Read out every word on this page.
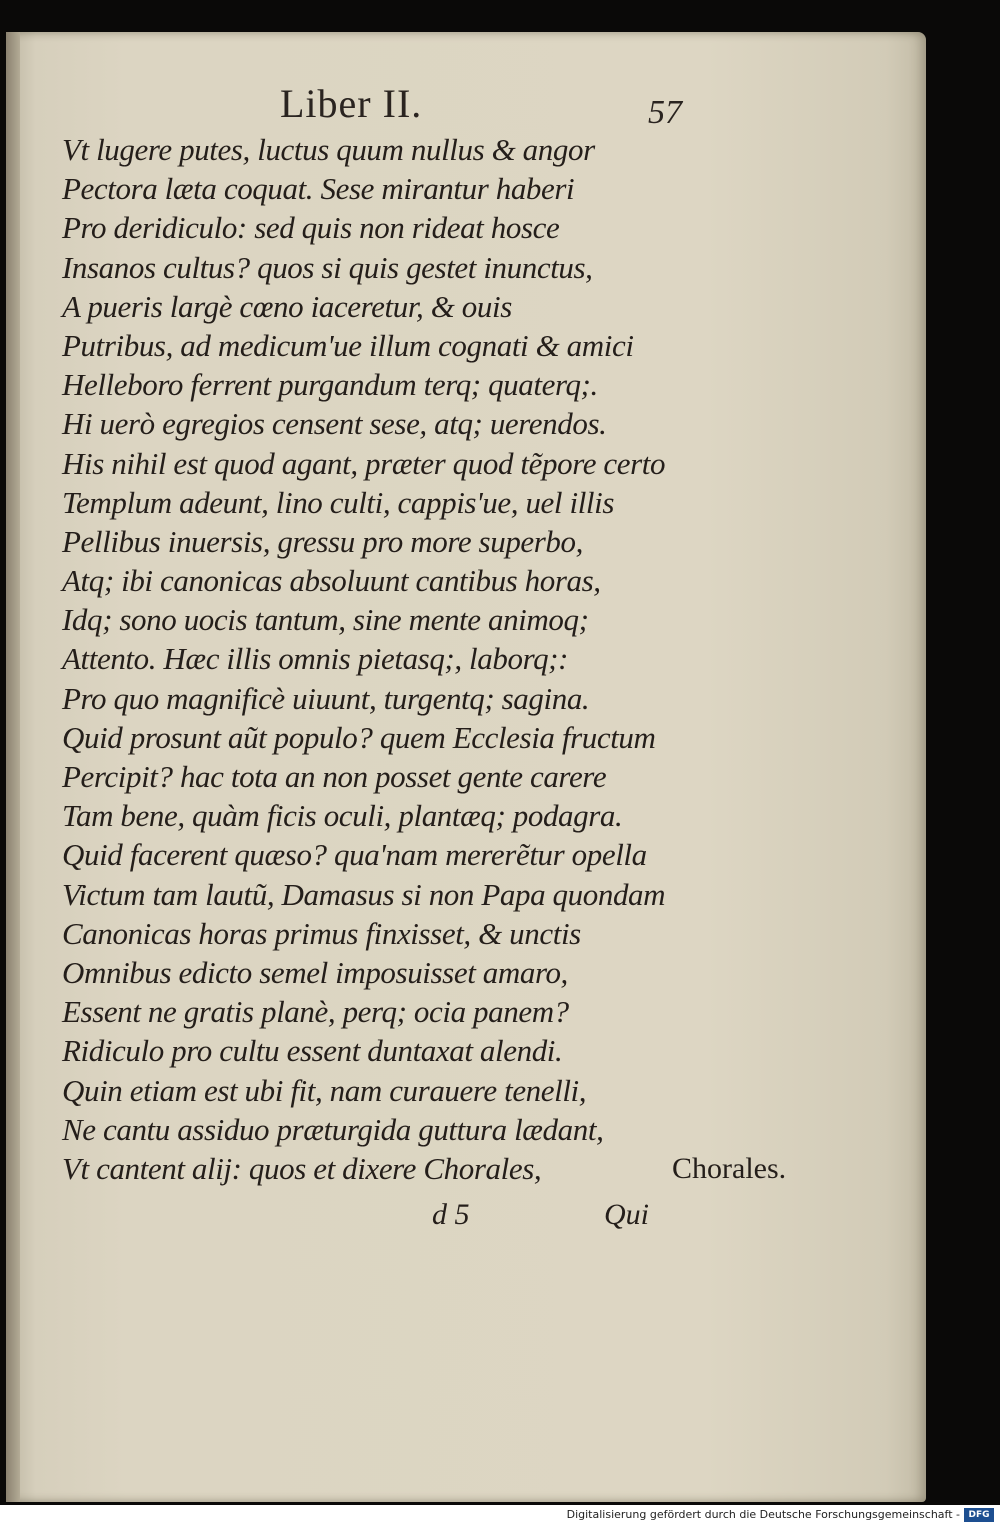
Liber II.	57
Vt lugere putes, luctus quum nullus & angor
Pectora læta coquat. Sese mirantur haberi
Pro deridiculo: sed quis non rideat hosce
Insanos cultus? quos si quis gestet inunctus,
A pueris largè cœno iaceretur, & ouis
Putribus, ad medicum'ue illum cognati & amici
Helleboro ferrent purgandum terq; quaterq;.
Hi uerò egregios censent sese, atq; uerendos.
His nihil est quod agant, præter quod tẽpore certo
Templum adeunt, lino culti, cappis'ue, uel illis
Pellibus inuersis, gressu pro more superbo,
Atq; ibi canonicas absoluunt cantibus horas,
Idq; sono uocis tantum, sine mente animoq;
Attento. Hæc illis omnis pietasq;, laborq;:
Pro quo magnificè uiuunt, turgentq; sagina.
Quid prosunt aũt populo? quem Ecclesia fructum
Percipit? hac tota an non posset gente carere
Tam bene, quàm ficis oculi, plantæq; podagra.
Quid facerent quæso? qua'nam mererẽtur opella
Victum tam lautũ, Damasus si non Papa quondam
Canonicas horas primus finxisset, & unctis
Omnibus edicto semel imposuisset amaro,
Essent ne gratis planè, perq; ocia panem?
Ridiculo pro cultu essent duntaxat alendi.
Quin etiam est ubi fit, nam curauere tenelli,
Ne cantu assiduo præturgida guttura lædant,
Vt cantent alij: quos et dixere Chorales,	Chorales.
d 5	Qui
Digitalisierung gefördert durch die Deutsche Forschungsgemeinschaft - DFG
